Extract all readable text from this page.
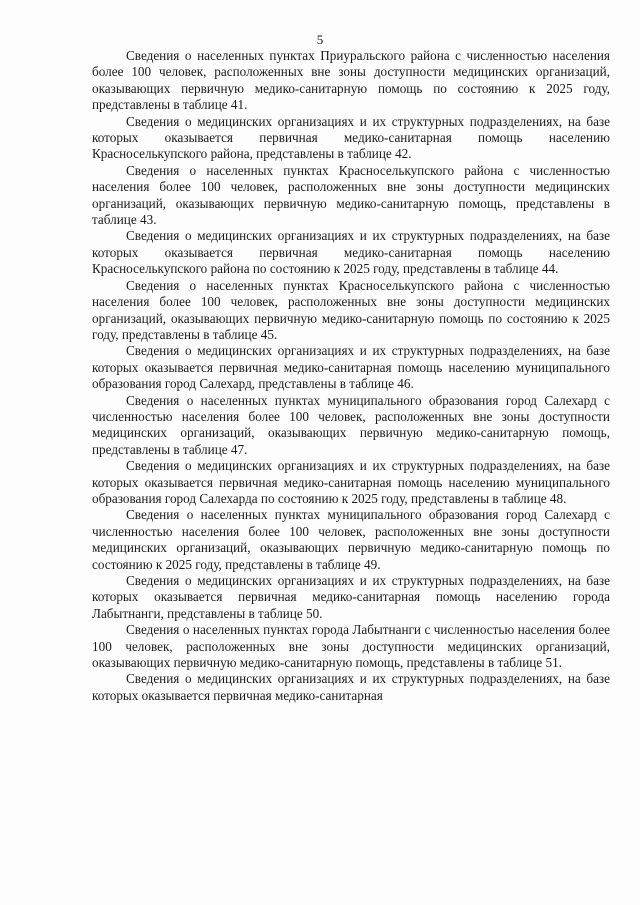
5

Сведения о населенных пунктах Приуральского района с численностью населения более 100 человек, расположенных вне зоны доступности медицинских организаций, оказывающих первичную медико-санитарную помощь по состоянию к 2025 году, представлены в таблице 41.

Сведения о медицинских организациях и их структурных подразделениях, на базе которых оказывается первичная медико-санитарная помощь населению Красноселькупского района, представлены в таблице 42.

Сведения о населенных пунктах Красноселькупского района с численностью населения более 100 человек, расположенных вне зоны доступности медицинских организаций, оказывающих первичную медико-санитарную помощь, представлены в таблице 43.

Сведения о медицинских организациях и их структурных подразделениях, на базе которых оказывается первичная медико-санитарная помощь населению Красноселькупского района по состоянию к 2025 году, представлены в таблице 44.

Сведения о населенных пунктах Красноселькупского района с численностью населения более 100 человек, расположенных вне зоны доступности медицинских организаций, оказывающих первичную медико-санитарную помощь по состоянию к 2025 году, представлены в таблице 45.

Сведения о медицинских организациях и их структурных подразделениях, на базе которых оказывается первичная медико-санитарная помощь населению муниципального образования город Салехард, представлены в таблице 46.

Сведения о населенных пунктах муниципального образования город Салехард с численностью населения более 100 человек, расположенных вне зоны доступности медицинских организаций, оказывающих первичную медико-санитарную помощь, представлены в таблице 47.

Сведения о медицинских организациях и их структурных подразделениях, на базе которых оказывается первичная медико-санитарная помощь населению муниципального образования город Салехарда по состоянию к 2025 году, представлены в таблице 48.

Сведения о населенных пунктах муниципального образования город Салехард с численностью населения более 100 человек, расположенных вне зоны доступности медицинских организаций, оказывающих первичную медико-санитарную помощь по состоянию к 2025 году, представлены в таблице 49.

Сведения о медицинских организациях и их структурных подразделениях, на базе которых оказывается первичная медико-санитарная помощь населению города Лабытнанги, представлены в таблице 50.

Сведения о населенных пунктах города Лабытнанги с численностью населения более 100 человек, расположенных вне зоны доступности медицинских организаций, оказывающих первичную медико-санитарную помощь, представлены в таблице 51.

Сведения о медицинских организациях и их структурных подразделениях, на базе которых оказывается первичная медико-санитарная
